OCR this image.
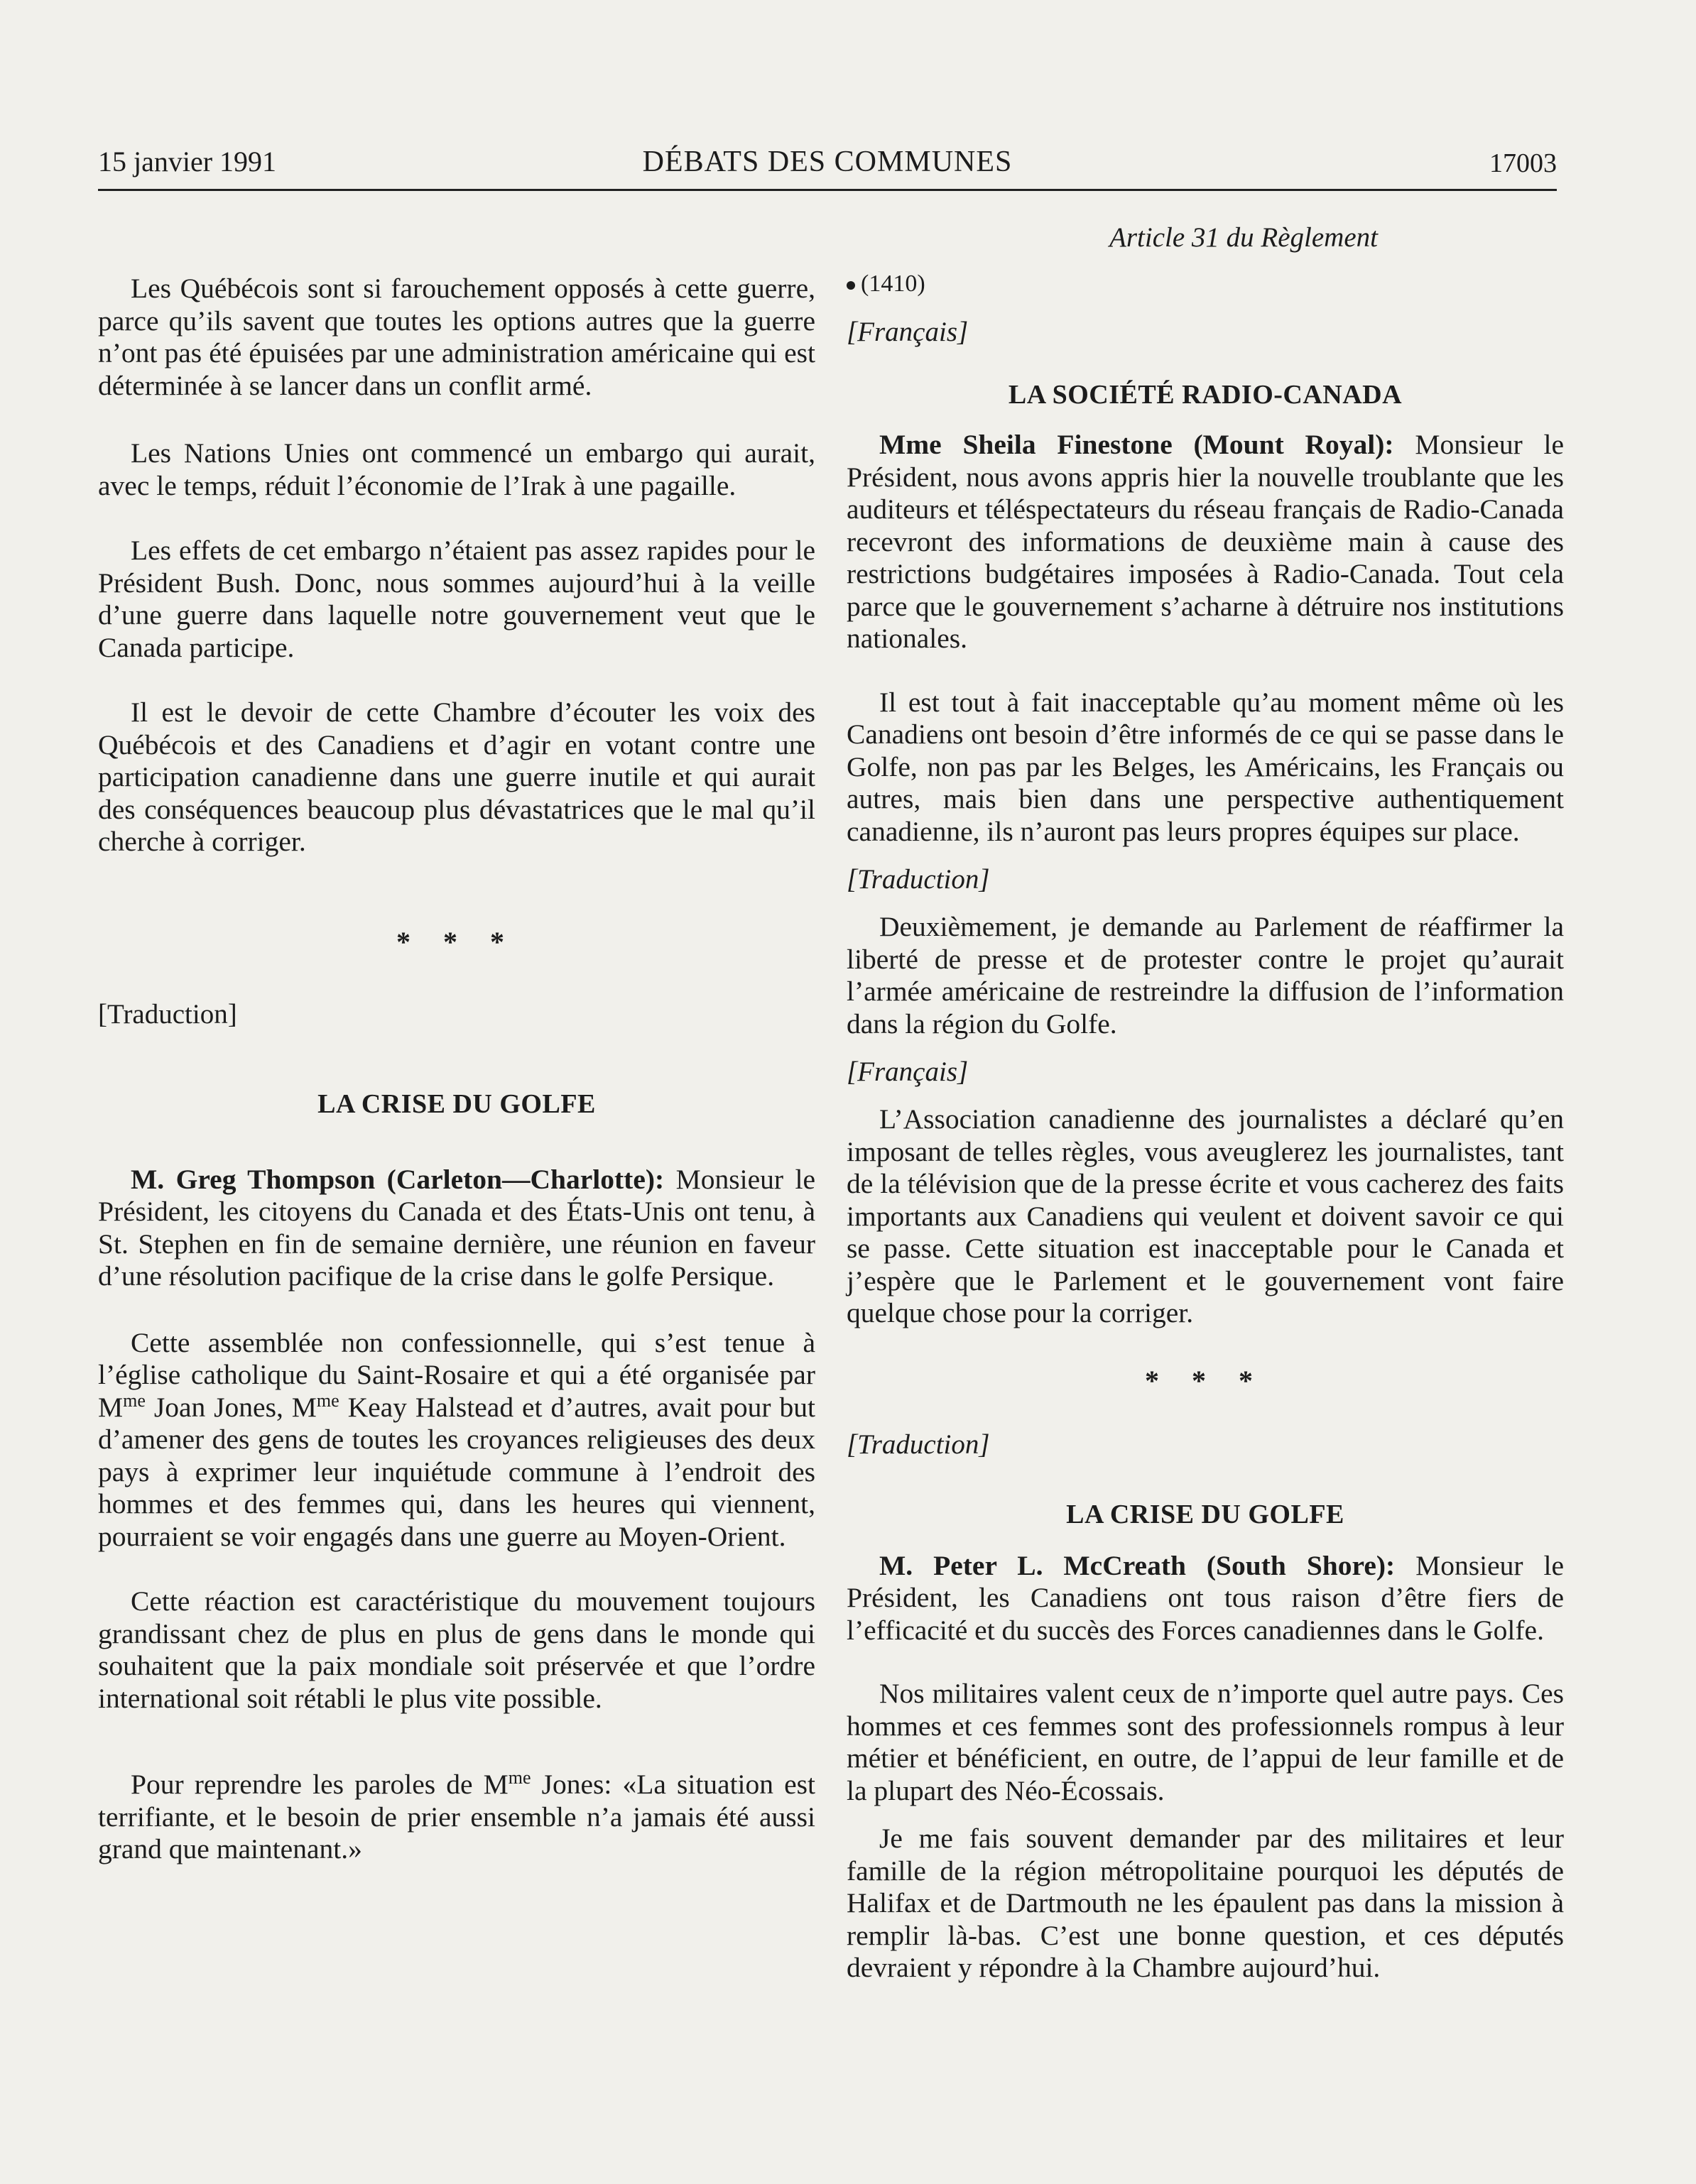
15 janvier 1991	DÉBATS DES COMMUNES	17003

Les Québécois sont si farouchement opposés à cette guerre, parce qu’ils savent que toutes les options autres que la guerre n’ont pas été épuisées par une administration américaine qui est déterminée à se lancer dans un conflit armé.

Les Nations Unies ont commencé un embargo qui aurait, avec le temps, réduit l’économie de l’Irak à une pagaille.

Les effets de cet embargo n’étaient pas assez rapides pour le Président Bush. Donc, nous sommes aujourd’hui à la veille d’une guerre dans laquelle notre gouvernement veut que le Canada participe.

Il est le devoir de cette Chambre d’écouter les voix des Québécois et des Canadiens et d’agir en votant contre une participation canadienne dans une guerre inutile et qui aurait des conséquences beaucoup plus dévastatrices que le mal qu’il cherche à corriger.

* * *

[Traduction]

LA CRISE DU GOLFE

M. Greg Thompson (Carleton—Charlotte): Monsieur le Président, les citoyens du Canada et des États-Unis ont tenu, à St. Stephen en fin de semaine dernière, une réunion en faveur d’une résolution pacifique de la crise dans le golfe Persique.

Cette assemblée non confessionnelle, qui s’est tenue à l’église catholique du Saint-Rosaire et qui a été organisée par $M^{me}$ Joan Jones, $M^{me}$ Keay Halstead et d’autres, avait pour but d’amener des gens de toutes les croyances religieuses des deux pays à exprimer leur inquiétude commune à l’endroit des hommes et des femmes qui, dans les heures qui viennent, pourraient se voir engagés dans une guerre au Moyen-Orient.

Cette réaction est caractéristique du mouvement toujours grandissant chez de plus en plus de gens dans le monde qui souhaitent que la paix mondiale soit préservée et que l’ordre international soit rétabli le plus vite possible.

Pour reprendre les paroles de $M^{me}$ Jones: «La situation est terrifiante, et le besoin de prier ensemble n’a jamais été aussi grand que maintenant.»

Article 31 du Règlement

(1410)

[Français]

LA SOCIÉTÉ RADIO-CANADA

Mme Sheila Finestone (Mount Royal): Monsieur le Président, nous avons appris hier la nouvelle troublante que les auditeurs et téléspectateurs du réseau français de Radio-Canada recevront des informations de deuxième main à cause des restrictions budgétaires imposées à Radio-Canada. Tout cela parce que le gouvernement s’acharne à détruire nos institutions nationales.

Il est tout à fait inacceptable qu’au moment même où les Canadiens ont besoin d’être informés de ce qui se passe dans le Golfe, non pas par les Belges, les Américains, les Français ou autres, mais bien dans une perspective authentiquement canadienne, ils n’auront pas leurs propres équipes sur place.

[Traduction]

Deuxièmement, je demande au Parlement de réaffirmer la liberté de presse et de protester contre le projet qu’aurait l’armée américaine de restreindre la diffusion de l’information dans la région du Golfe.

[Français]

L’Association canadienne des journalistes a déclaré qu’en imposant de telles règles, vous aveuglerez les journalistes, tant de la télévision que de la presse écrite et vous cacherez des faits importants aux Canadiens qui veulent et doivent savoir ce qui se passe. Cette situation est inacceptable pour le Canada et j’espère que le Parlement et le gouvernement vont faire quelque chose pour la corriger.

* * *

[Traduction]

LA CRISE DU GOLFE

M. Peter L. McCreath (South Shore): Monsieur le Président, les Canadiens ont tous raison d’être fiers de l’efficacité et du succès des Forces canadiennes dans le Golfe.

Nos militaires valent ceux de n’importe quel autre pays. Ces hommes et ces femmes sont des professionnels rompus à leur métier et bénéficient, en outre, de l’appui de leur famille et de la plupart des Néo-Écossais.

Je me fais souvent demander par des militaires et leur famille de la région métropolitaine pourquoi les députés de Halifax et de Dartmouth ne les épaulent pas dans la mission à remplir là-bas. C’est une bonne question, et ces députés devraient y répondre à la Chambre aujourd’hui.
